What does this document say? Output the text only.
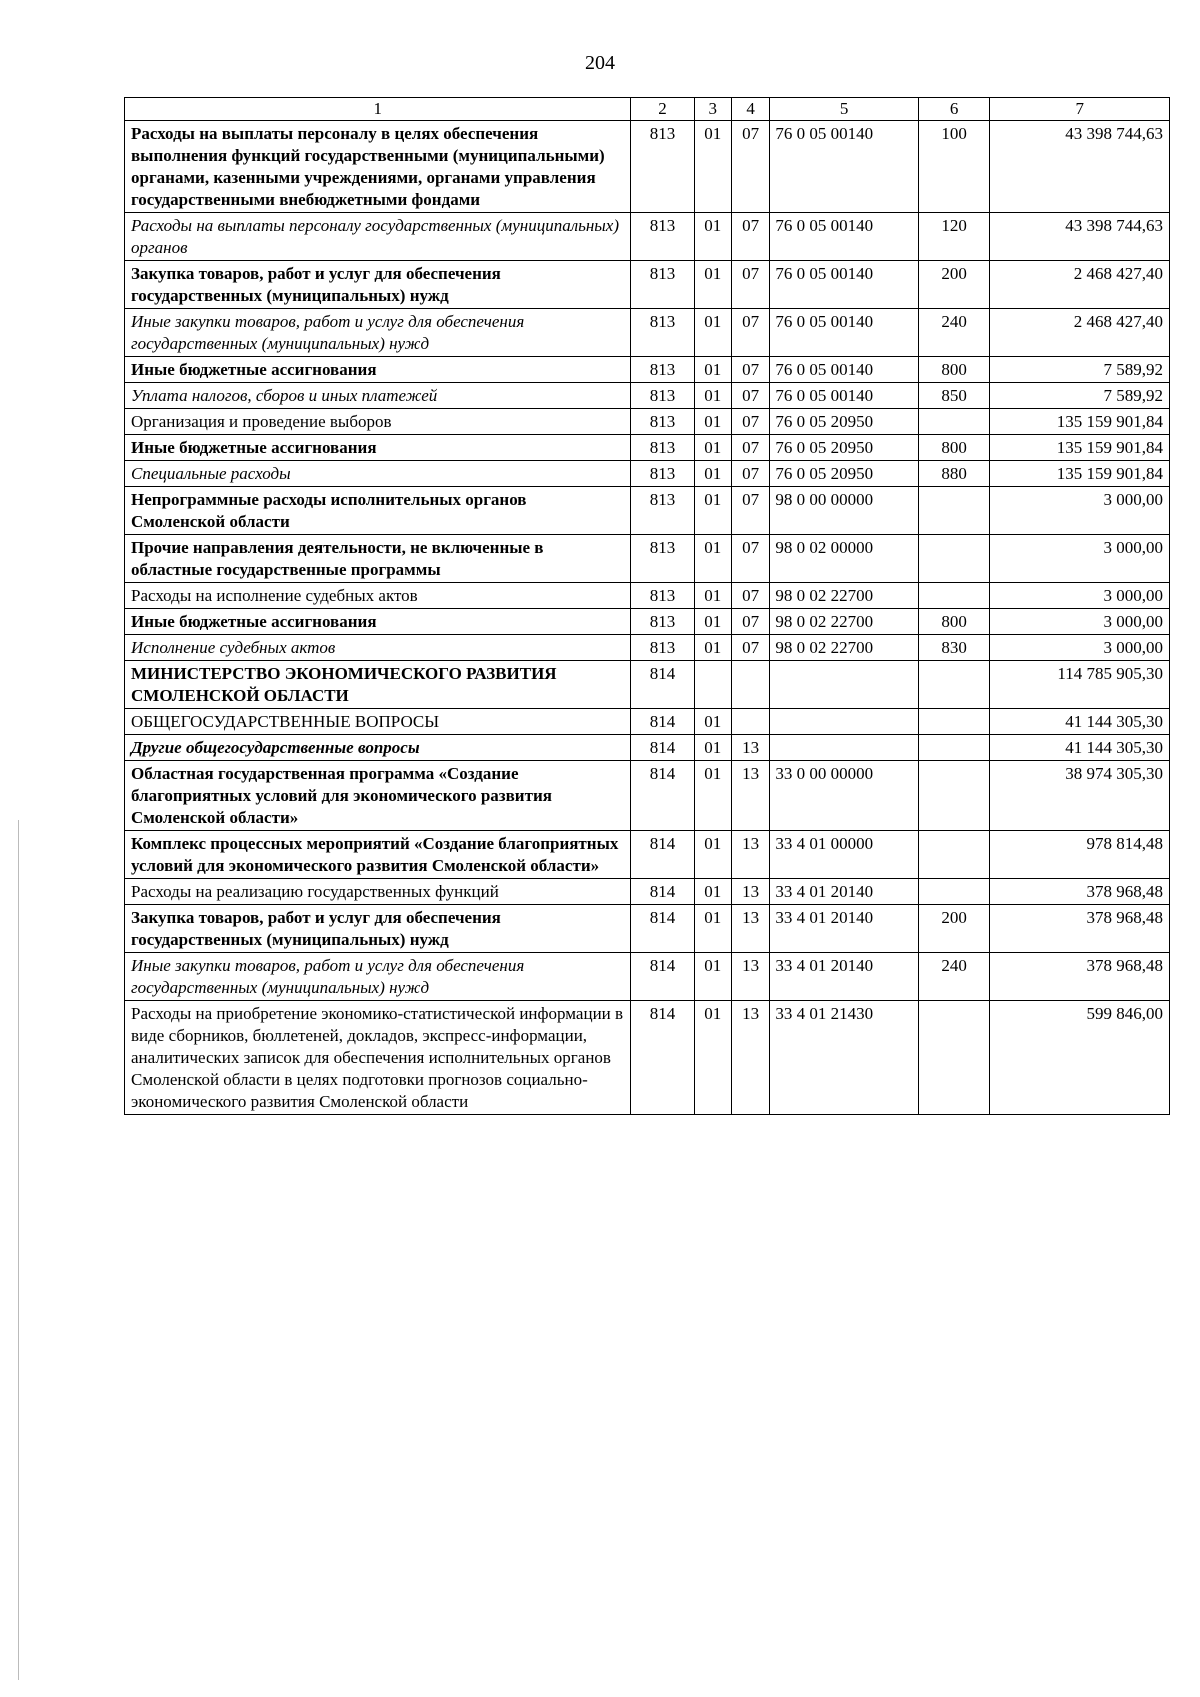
204
1	2	3	4	5	6	7
Расходы на выплаты персоналу в целях обеспечения выполнения функций государственными (муниципальными) органами, казенными учреждениями, органами управления государственными внебюджетными фондами	813	01	07	76 0 05 00140	100	43 398 744,63
Расходы на выплаты персоналу государственных (муниципальных) органов	813	01	07	76 0 05 00140	120	43 398 744,63
Закупка товаров, работ и услуг для обеспечения государственных (муниципальных) нужд	813	01	07	76 0 05 00140	200	2 468 427,40
Иные закупки товаров, работ и услуг для обеспечения государственных (муниципальных) нужд	813	01	07	76 0 05 00140	240	2 468 427,40
Иные бюджетные ассигнования	813	01	07	76 0 05 00140	800	7 589,92
Уплата налогов, сборов и иных платежей	813	01	07	76 0 05 00140	850	7 589,92
Организация и проведение выборов	813	01	07	76 0 05 20950		135 159 901,84
Иные бюджетные ассигнования	813	01	07	76 0 05 20950	800	135 159 901,84
Специальные расходы	813	01	07	76 0 05 20950	880	135 159 901,84
Непрограммные расходы исполнительных органов Смоленской области	813	01	07	98 0 00 00000		3 000,00
Прочие направления деятельности, не включенные в областные государственные программы	813	01	07	98 0 02 00000		3 000,00
Расходы на исполнение судебных актов	813	01	07	98 0 02 22700		3 000,00
Иные бюджетные ассигнования	813	01	07	98 0 02 22700	800	3 000,00
Исполнение судебных актов	813	01	07	98 0 02 22700	830	3 000,00
МИНИСТЕРСТВО ЭКОНОМИЧЕСКОГО РАЗВИТИЯ СМОЛЕНСКОЙ ОБЛАСТИ	814					114 785 905,30
ОБЩЕГОСУДАРСТВЕННЫЕ ВОПРОСЫ	814	01				41 144 305,30
Другие общегосударственные вопросы	814	01	13			41 144 305,30
Областная государственная программа «Создание благоприятных условий для экономического развития Смоленской области»	814	01	13	33 0 00 00000		38 974 305,30
Комплекс процессных мероприятий «Создание благоприятных условий для экономического развития Смоленской области»	814	01	13	33 4 01 00000		978 814,48
Расходы на реализацию государственных функций	814	01	13	33 4 01 20140		378 968,48
Закупка товаров, работ и услуг для обеспечения государственных (муниципальных) нужд	814	01	13	33 4 01 20140	200	378 968,48
Иные закупки товаров, работ и услуг для обеспечения государственных (муниципальных) нужд	814	01	13	33 4 01 20140	240	378 968,48
Расходы на приобретение экономико-статистической информации в виде сборников, бюллетеней, докладов, экспресс-информации, аналитических записок для обеспечения исполнительных органов Смоленской области в целях подготовки прогнозов социально-экономического развития Смоленской области	814	01	13	33 4 01 21430		599 846,00
